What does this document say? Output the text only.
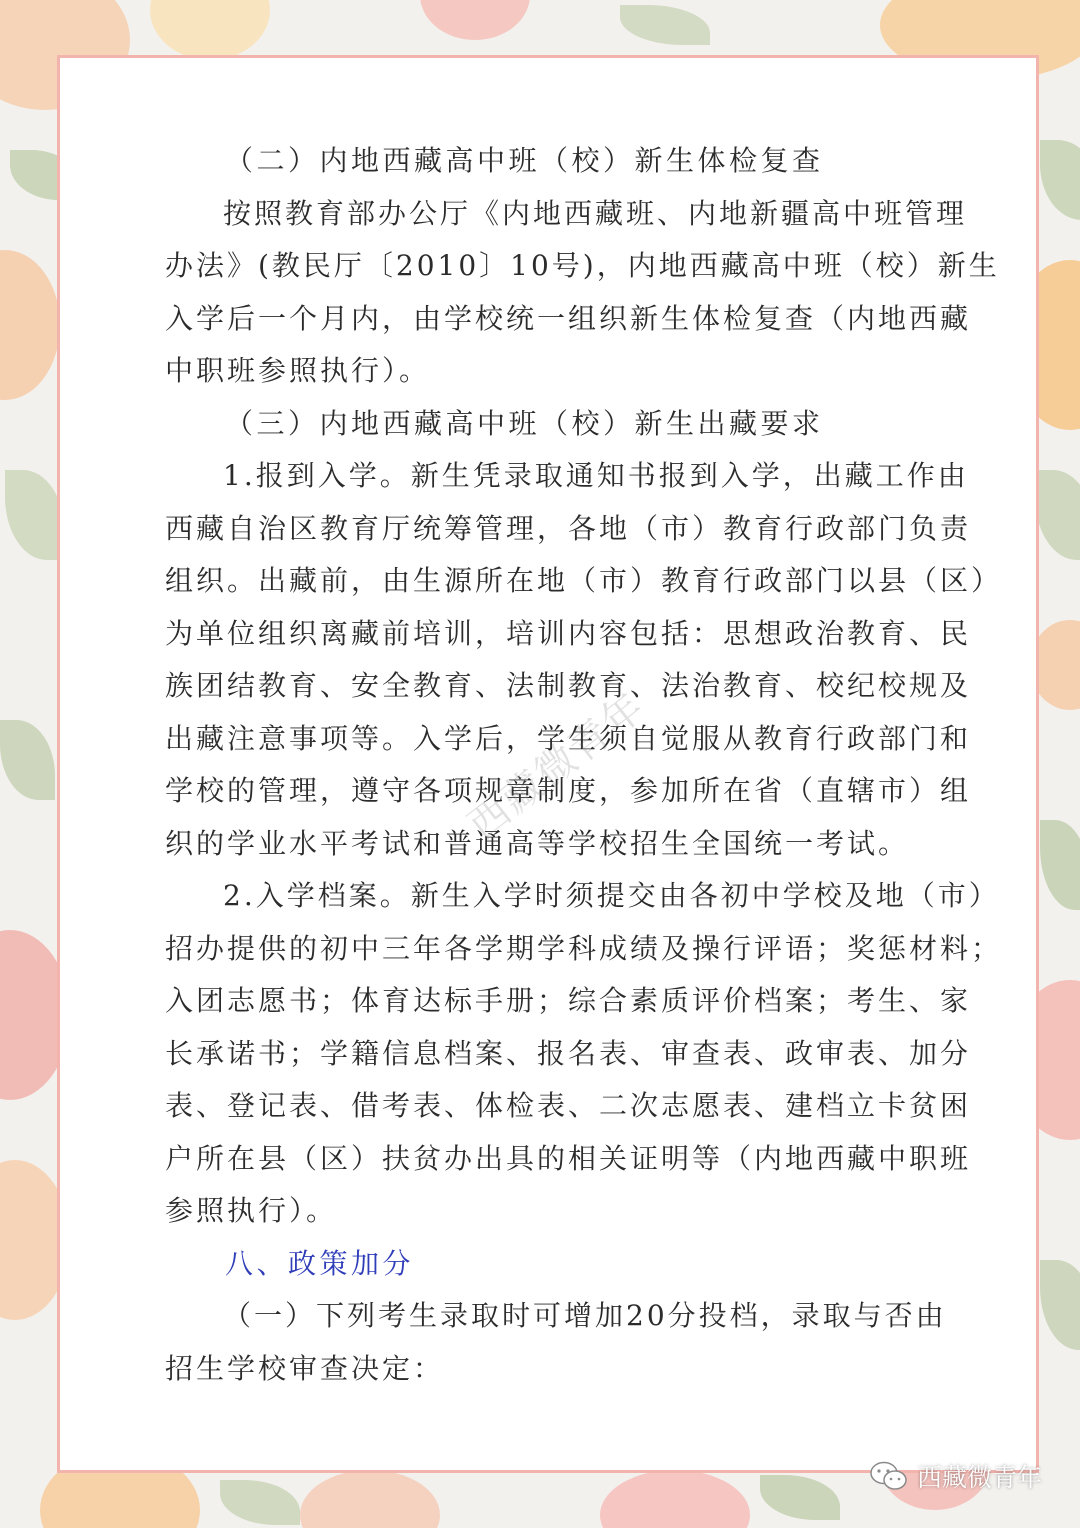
（二）内地西藏高中班（校）新生体检复查
按照教育部办公厅《内地西藏班、内地新疆高中班管理
办法》(教民厅〔2010〕10号)，内地西藏高中班（校）新生
入学后一个月内，由学校统一组织新生体检复查（内地西藏
中职班参照执行）。
（三）内地西藏高中班（校）新生出藏要求
1.报到入学。新生凭录取通知书报到入学，出藏工作由
西藏自治区教育厅统筹管理，各地（市）教育行政部门负责
组织。出藏前，由生源所在地（市）教育行政部门以县（区）
为单位组织离藏前培训，培训内容包括：思想政治教育、民
族团结教育、安全教育、法制教育、法治教育、校纪校规及
出藏注意事项等。入学后，学生须自觉服从教育行政部门和
学校的管理，遵守各项规章制度，参加所在省（直辖市）组
织的学业水平考试和普通高等学校招生全国统一考试。
2.入学档案。新生入学时须提交由各初中学校及地（市）
招办提供的初中三年各学期学科成绩及操行评语；奖惩材料；
入团志愿书；体育达标手册；综合素质评价档案；考生、家
长承诺书；学籍信息档案、报名表、审查表、政审表、加分
表、登记表、借考表、体检表、二次志愿表、建档立卡贫困
户所在县（区）扶贫办出具的相关证明等（内地西藏中职班
参照执行）。
八、政策加分
（一）下列考生录取时可增加20分投档，录取与否由
招生学校审查决定：
西藏微青年
西藏微青年
